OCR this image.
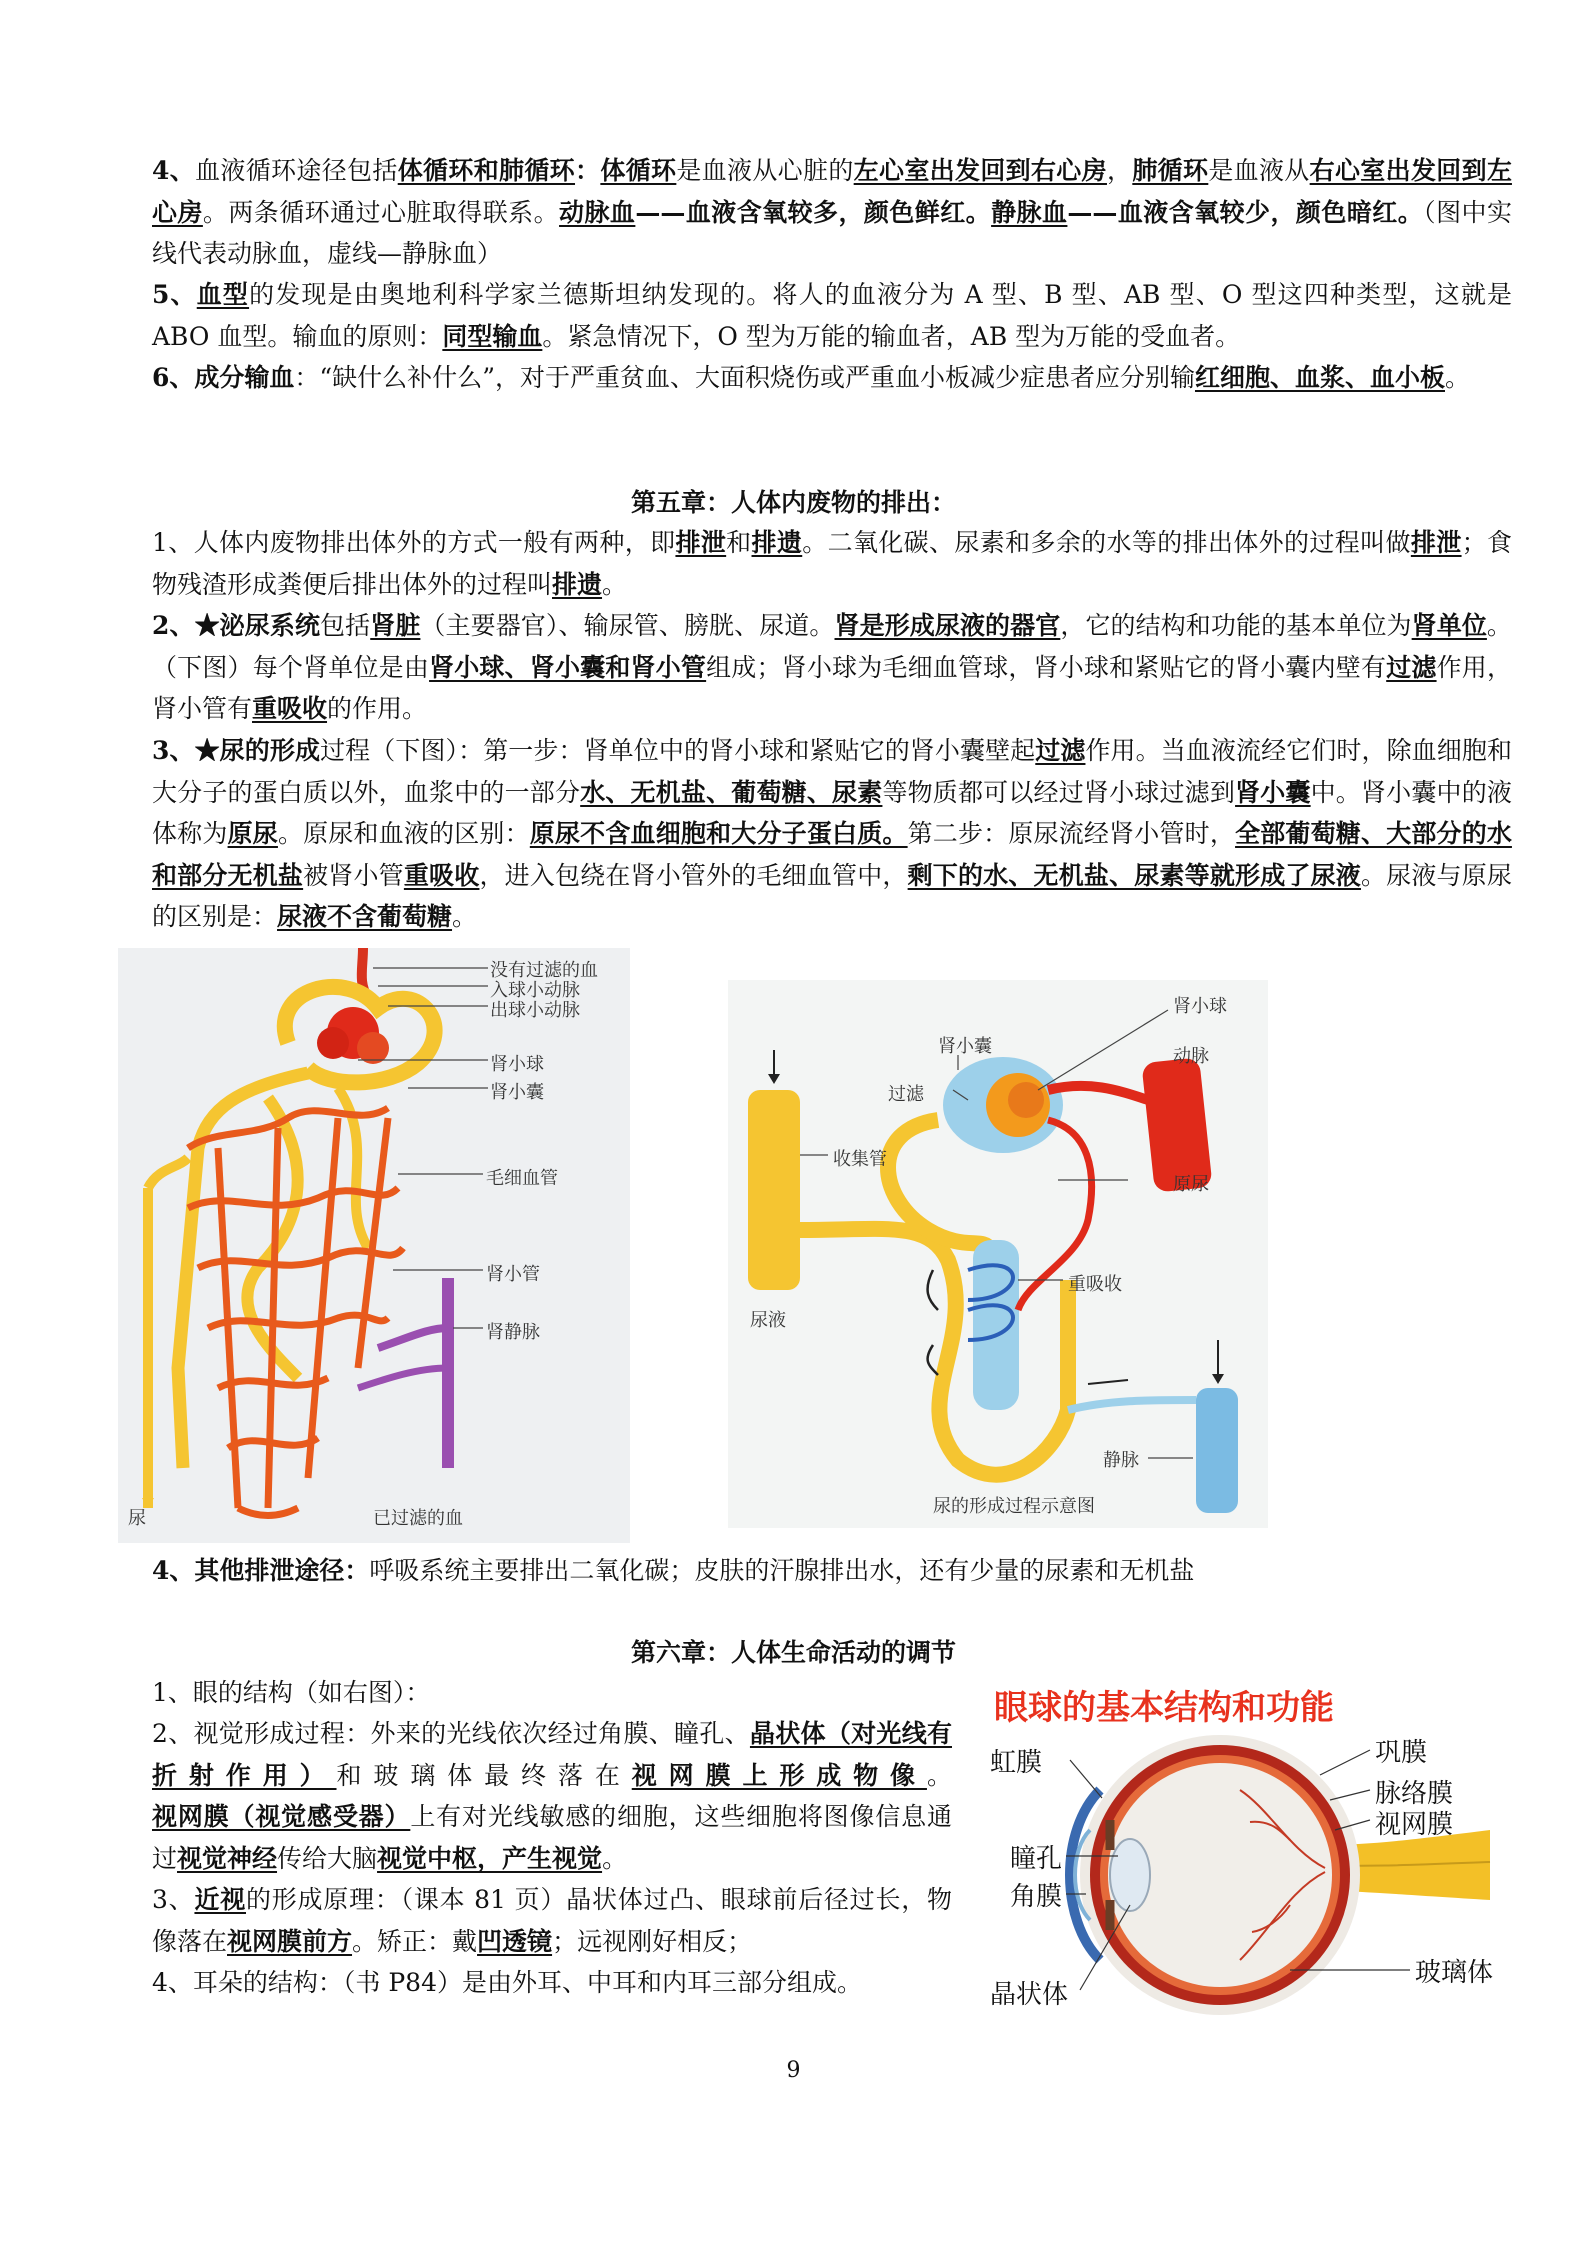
4、血液循环途径包括体循环和肺循环：体循环是血液从心脏的左心室出发回到右心房，肺循环是血液从右心室出发回到左心房。两条循环通过心脏取得联系。动脉血——血液含氧较多，颜色鲜红。静脉血——血液含氧较少，颜色暗红。（图中实线代表动脉血，虚线—静脉血）
5、血型的发现是由奥地利科学家兰德斯坦纳发现的。将人的血液分为 A 型、B 型、AB 型、O 型这四种类型，这就是 ABO 血型。输血的原则：同型输血。紧急情况下，O 型为万能的输血者，AB 型为万能的受血者。
6、成分输血：“缺什么补什么”，对于严重贫血、大面积烧伤或严重血小板减少症患者应分别输红细胞、血浆、血小板。
第五章：人体内废物的排出：
1、人体内废物排出体外的方式一般有两种，即排泄和排遗。二氧化碳、尿素和多余的水等的排出体外的过程叫做排泄；食物残渣形成粪便后排出体外的过程叫排遗。
2、★泌尿系统包括肾脏（主要器官）、输尿管、膀胱、尿道。肾是形成尿液的器官，它的结构和功能的基本单位为肾单位。（下图）每个肾单位是由肾小球、肾小囊和肾小管组成；肾小球为毛细血管球，肾小球和紧贴它的肾小囊内壁有过滤作用，肾小管有重吸收的作用。
3、★尿的形成过程（下图）：第一步：肾单位中的肾小球和紧贴它的肾小囊壁起过滤作用。当血液流经它们时，除血细胞和大分子的蛋白质以外，血浆中的一部分水、无机盐、葡萄糖、尿素等物质都可以经过肾小球过滤到肾小囊中。肾小囊中的液体称为原尿。原尿和血液的区别：原尿不含血细胞和大分子蛋白质。第二步：原尿流经肾小管时，全部葡萄糖、大部分的水和部分无机盐被肾小管重吸收，进入包绕在肾小管外的毛细血管中，剩下的水、无机盐、尿素等就形成了尿液。尿液与原尿的区别是：尿液不含葡萄糖。
没有过滤的血
入球小动脉
出球小动脉
肾小球
肾小囊
毛细血管
肾小管
肾静脉
已过滤的血
尿
肾小球
肾小囊	动脉
过滤
原尿
收集管
重吸收
尿液
静脉
尿的形成过程示意图
4、其他排泄途径：呼吸系统主要排出二氧化碳；皮肤的汗腺排出水，还有少量的尿素和无机盐
第六章：人体生命活动的调节
1、眼的结构（如右图）：
2、视觉形成过程：外来的光线依次经过角膜、瞳孔、晶状体（对光线有折射作用）和玻璃体最终落在视网膜上形成物像。视网膜（视觉感受器）上有对光线敏感的细胞，这些细胞将图像信息通过视觉神经传给大脑视觉中枢，产生视觉。
3、近视的形成原理：（课本 81 页）晶状体过凸、眼球前后径过长，物像落在视网膜前方。矫正：戴凹透镜；远视刚好相反；
4、耳朵的结构：（书 P84）是由外耳、中耳和内耳三部分组成。
眼球的基本结构和功能
虹膜	巩膜
脉络膜
视网膜
瞳孔
角膜
玻璃体
晶状体
9
